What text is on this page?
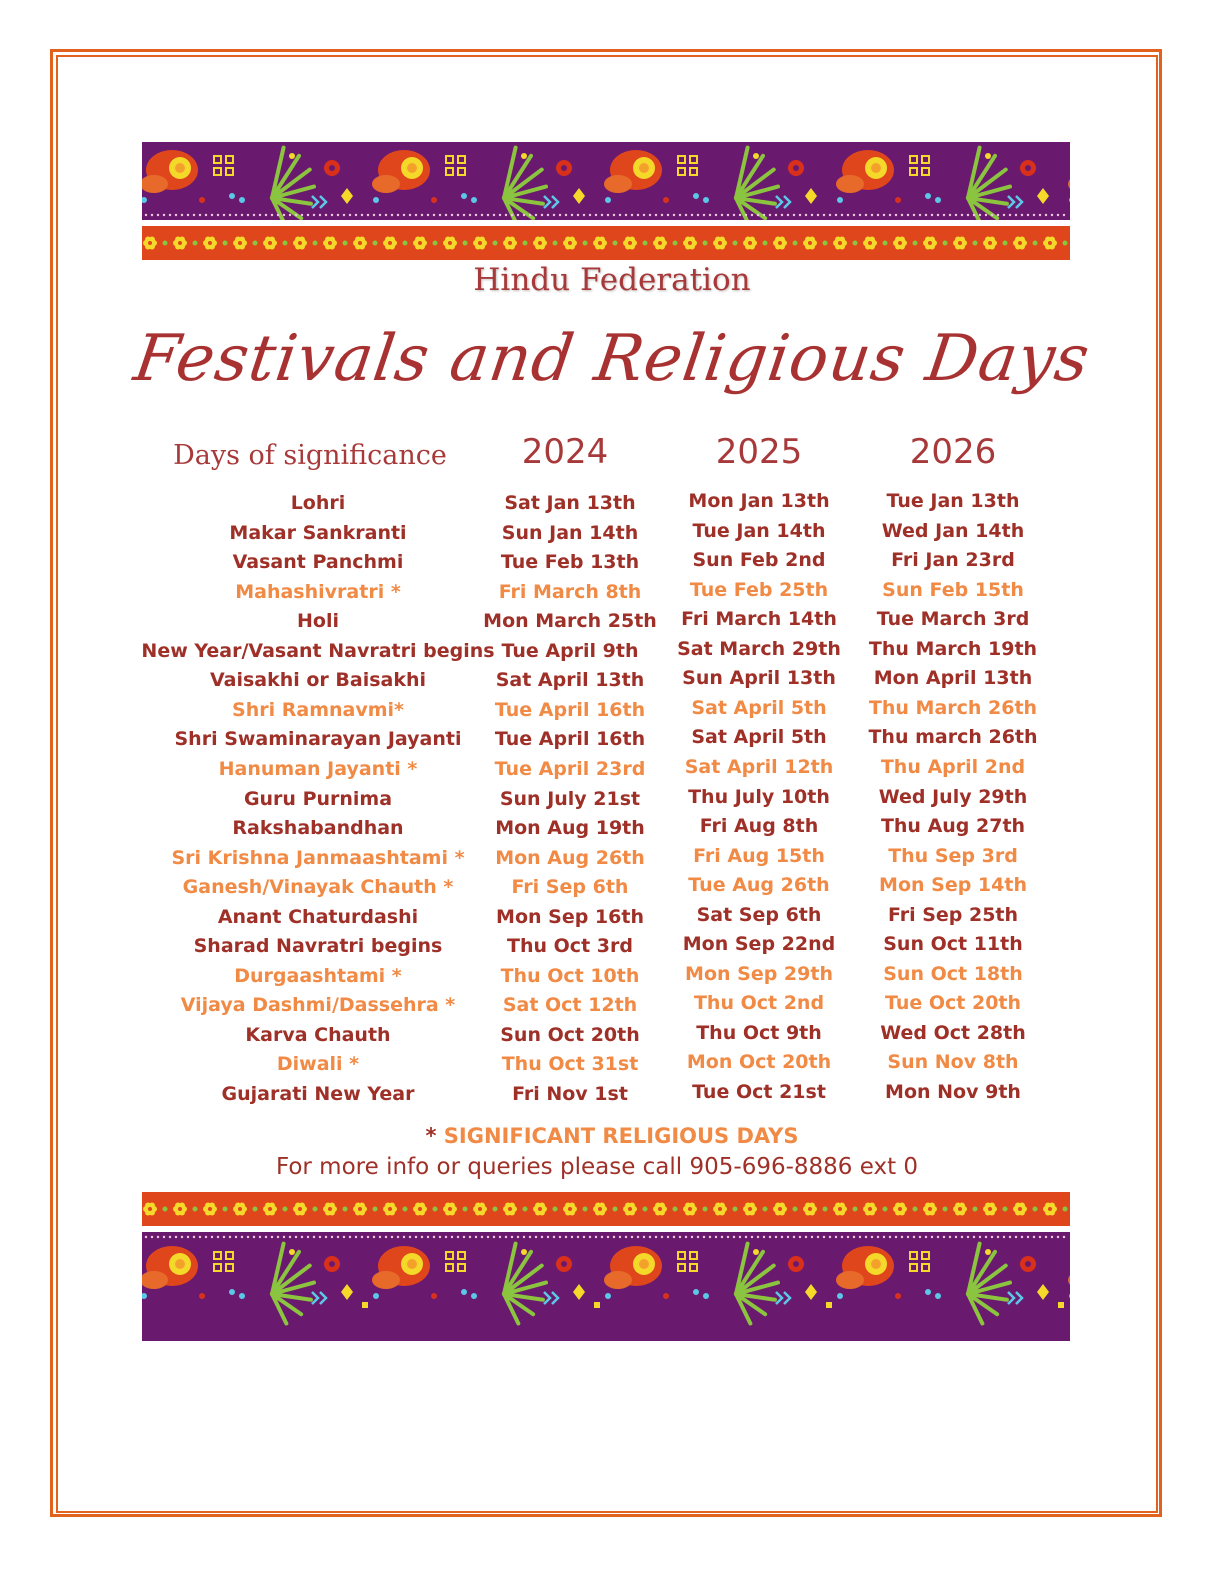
Hindu Federation
Festivals and Religious Days
Days of significance	2024	2025	2026
Lohri	Sat Jan 13th	Mon Jan 13th	Tue Jan 13th
Makar Sankranti	Sun Jan 14th	Tue Jan 14th	Wed Jan 14th
Vasant Panchmi	Tue Feb 13th	Sun Feb 2nd	Fri Jan 23rd
Mahashivratri *	Fri March 8th	Tue Feb 25th	Sun Feb 15th
Holi	Mon March 25th	Fri March 14th	Tue March 3rd
New Year/Vasant Navratri begins Tue April 9th	Sat March 29th	Thu March 19th
Vaisakhi or Baisakhi	Sat April 13th	Sun April 13th	Mon April 13th
Shri Ramnavmi*	Tue April 16th	Sat April 5th	Thu March 26th
Shri Swaminarayan Jayanti	Tue April 16th	Sat April 5th	Thu march 26th
Hanuman Jayanti *	Tue April 23rd	Sat April 12th	Thu April 2nd
Guru Purnima	Sun July 21st	Thu July 10th	Wed July 29th
Rakshabandhan	Mon Aug 19th	Fri Aug 8th	Thu Aug 27th
Sri Krishna Janmaashtami *	Mon Aug 26th	Fri Aug 15th	Thu Sep 3rd
Ganesh/Vinayak Chauth *	Fri Sep 6th	Tue Aug 26th	Mon Sep 14th
Anant Chaturdashi	Mon Sep 16th	Sat Sep 6th	Fri Sep 25th
Sharad Navratri begins	Thu Oct 3rd	Mon Sep 22nd	Sun Oct 11th
Durgaashtami *	Thu Oct 10th	Mon Sep 29th	Sun Oct 18th
Vijaya Dashmi/Dassehra *	Sat Oct 12th	Thu Oct 2nd	Tue Oct 20th
Karva Chauth	Sun Oct 20th	Thu Oct 9th	Wed Oct 28th
Diwali *	Thu Oct 31st	Mon Oct 20th	Sun Nov 8th
Gujarati New Year	Fri Nov 1st	Tue Oct 21st	Mon Nov 9th
* SIGNIFICANT RELIGIOUS DAYS
For more info or queries please call 905-696-8886 ext 0
